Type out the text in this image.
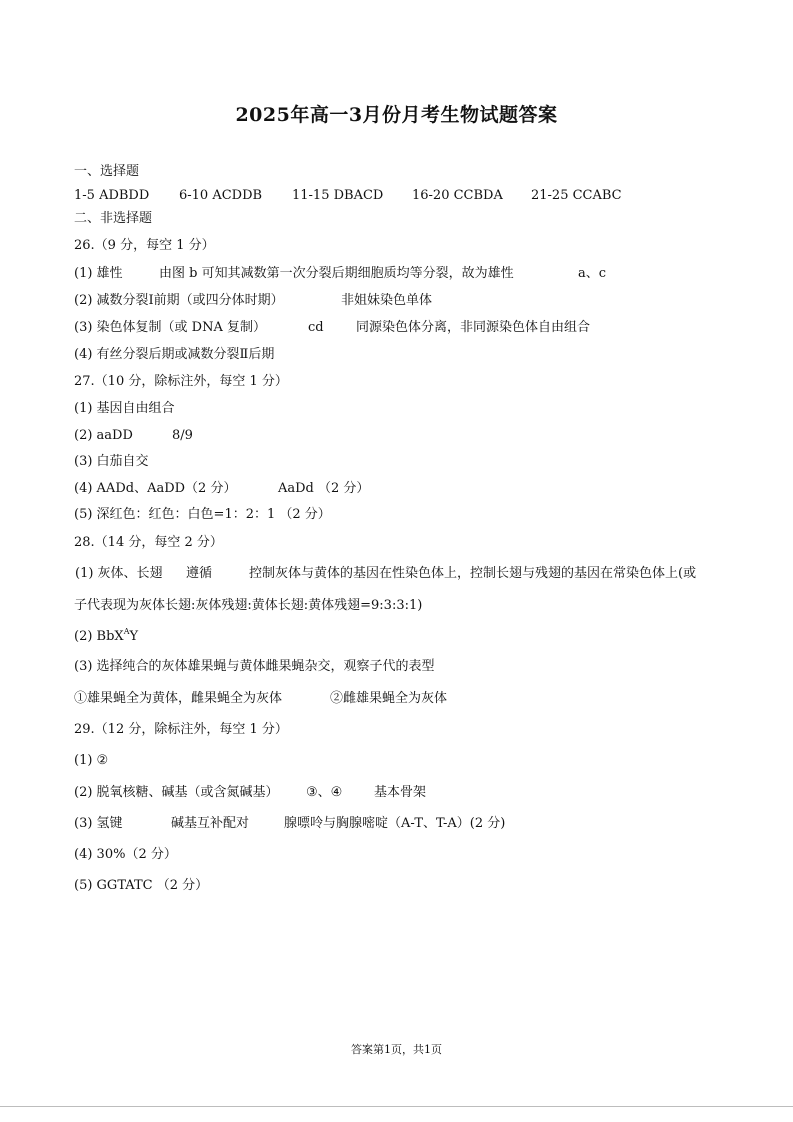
2025年高一3月份月考生物试题答案
一、选择题
1-5 ADBDD 6-10 ACDDB 11-15 DBACD 16-20 CCBDA 21-25 CCABC
二、非选择题
26.（9 分，每空 1 分）
(1) 雄性	由图 b 可知其减数第一次分裂后期细胞质均等分裂，故为雄性	a、c
(2) 减数分裂Ⅰ前期（或四分体时期）	非姐妹染色单体
(3) 染色体复制（或 DNA 复制）	cd 同源染色体分离，非同源染色体自由组合
(4) 有丝分裂后期或减数分裂Ⅱ后期
27.（10 分，除标注外，每空 1 分）
(1) 基因自由组合
(2) aaDD	8/9
(3) 白茄自交
(4) AADd、AaDD（2 分）	AaDd （2 分）
(5) 深红色：红色：白色=1：2：1 （2 分）
28.（14 分，每空 2 分）
(1) 灰体、长翅 遵循	控制灰体与黄体的基因在性染色体上，控制长翅与残翅的基因在常染色体上(或
子代表现为灰体长翅:灰体残翅:黄体长翅:黄体残翅=9:3:3:1)
(2) BbX$^A$Y
(3) 选择纯合的灰体雄果蝇与黄体雌果蝇杂交，观察子代的表型
①雄果蝇全为黄体，雌果蝇全为灰体	②雌雄果蝇全为灰体
29.（12 分，除标注外，每空 1 分）
(1) ②
(2) 脱氧核糖、碱基（或含氮碱基） ③、④ 基本骨架
(3) 氢键	碱基互补配对	腺嘌呤与胸腺嘧啶（A-T、T-A）(2 分)
(4) 30%（2 分）
(5) GGTATC （2 分）
答案第1页，共1页
